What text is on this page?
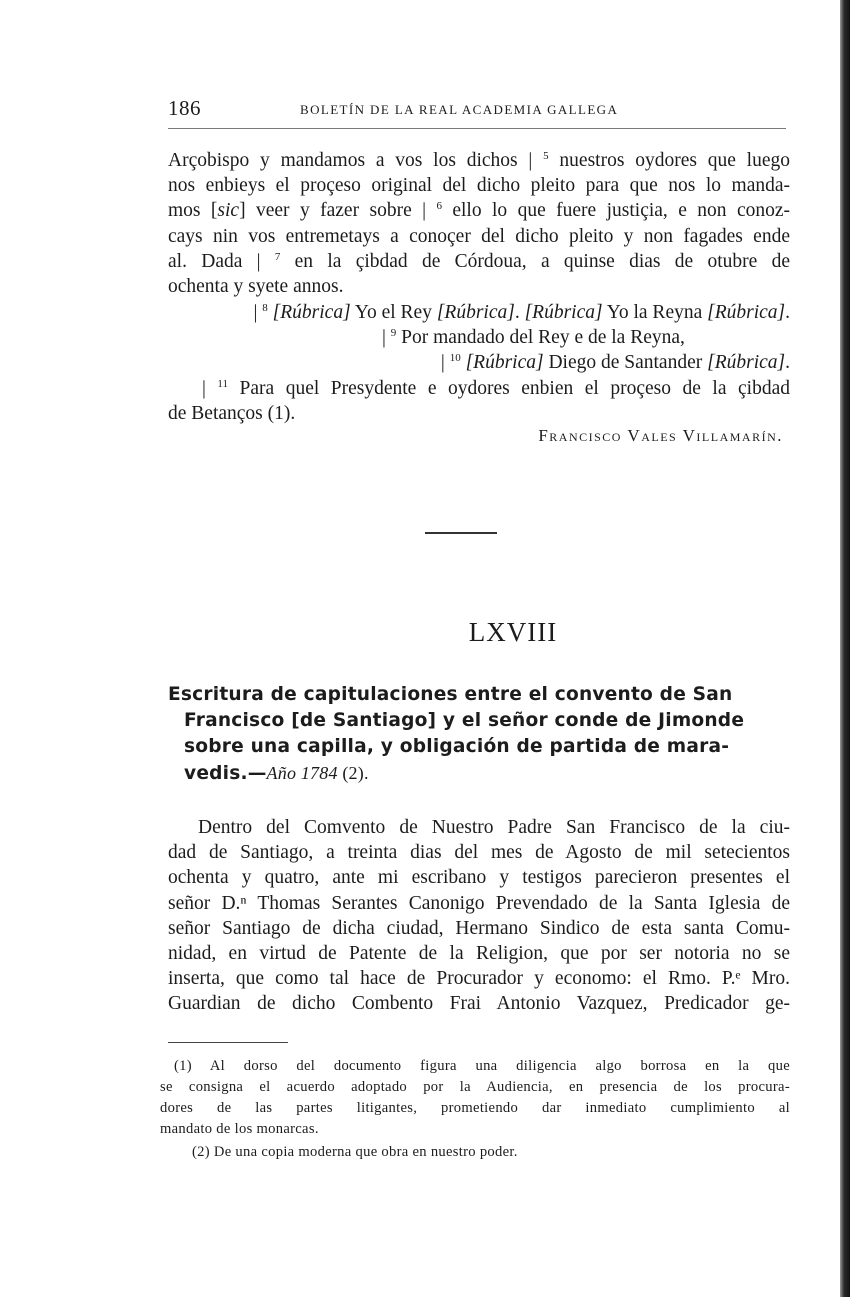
186	BOLETÍN DE LA REAL ACADEMIA GALLEGA
Arçobispo y mandamos a vos los dichos | $^5$ nuestros oydores que luego
nos enbieys el proçeso original del dicho pleito para que nos lo manda-
mos [sic] veer y fazer sobre | $^6$ ello lo que fuere justiçia, e non conoz-
cays nin vos entremetays a conoçer del dicho pleito y non fagades ende
al. Dada | $^7$ en la çibdad de Córdoua, a quinse dias de otubre de
ochenta y syete annos.
| $^8$ [Rúbrica] Yo el Rey [Rúbrica]. [Rúbrica] Yo la Reyna [Rúbrica].
| $^9$ Por mandado del Rey e de la Reyna,
| $^{10}$ [Rúbrica] Diego de Santander [Rúbrica].
| $^{11}$ Para quel Presydente e oydores enbien el proçeso de la çibdad
de Betanços (1).
Francisco Vales Villamarín.
LXVIII
Escritura de capitulaciones entre el convento de San
Francisco [de Santiago] y el señor conde de Jimonde
sobre una capilla, y obligación de partida de mara-
vedis.—Año 1784 (2).
Dentro del Comvento de Nuestro Padre San Francisco de la ciu-
dad de Santiago, a treinta dias del mes de Agosto de mil setecientos
ochenta y quatro, ante mi escribano y testigos parecieron presentes el
señor D.ⁿ Thomas Serantes Canonigo Prevendado de la Santa Iglesia de
señor Santiago de dicha ciudad, Hermano Sindico de esta santa Comu-
nidad, en virtud de Patente de la Religion, que por ser notoria no se
inserta, que como tal hace de Procurador y economo: el Rmo. P.ᵉ Mro.
Guardian de dicho Combento Frai Antonio Vazquez, Predicador ge-
(1) Al dorso del documento figura una diligencia algo borrosa en la que
se consigna el acuerdo adoptado por la Audiencia, en presencia de los procura-
dores de las partes litigantes, prometiendo dar inmediato cumplimiento al
mandato de los monarcas.
(2) De una copia moderna que obra en nuestro poder.
